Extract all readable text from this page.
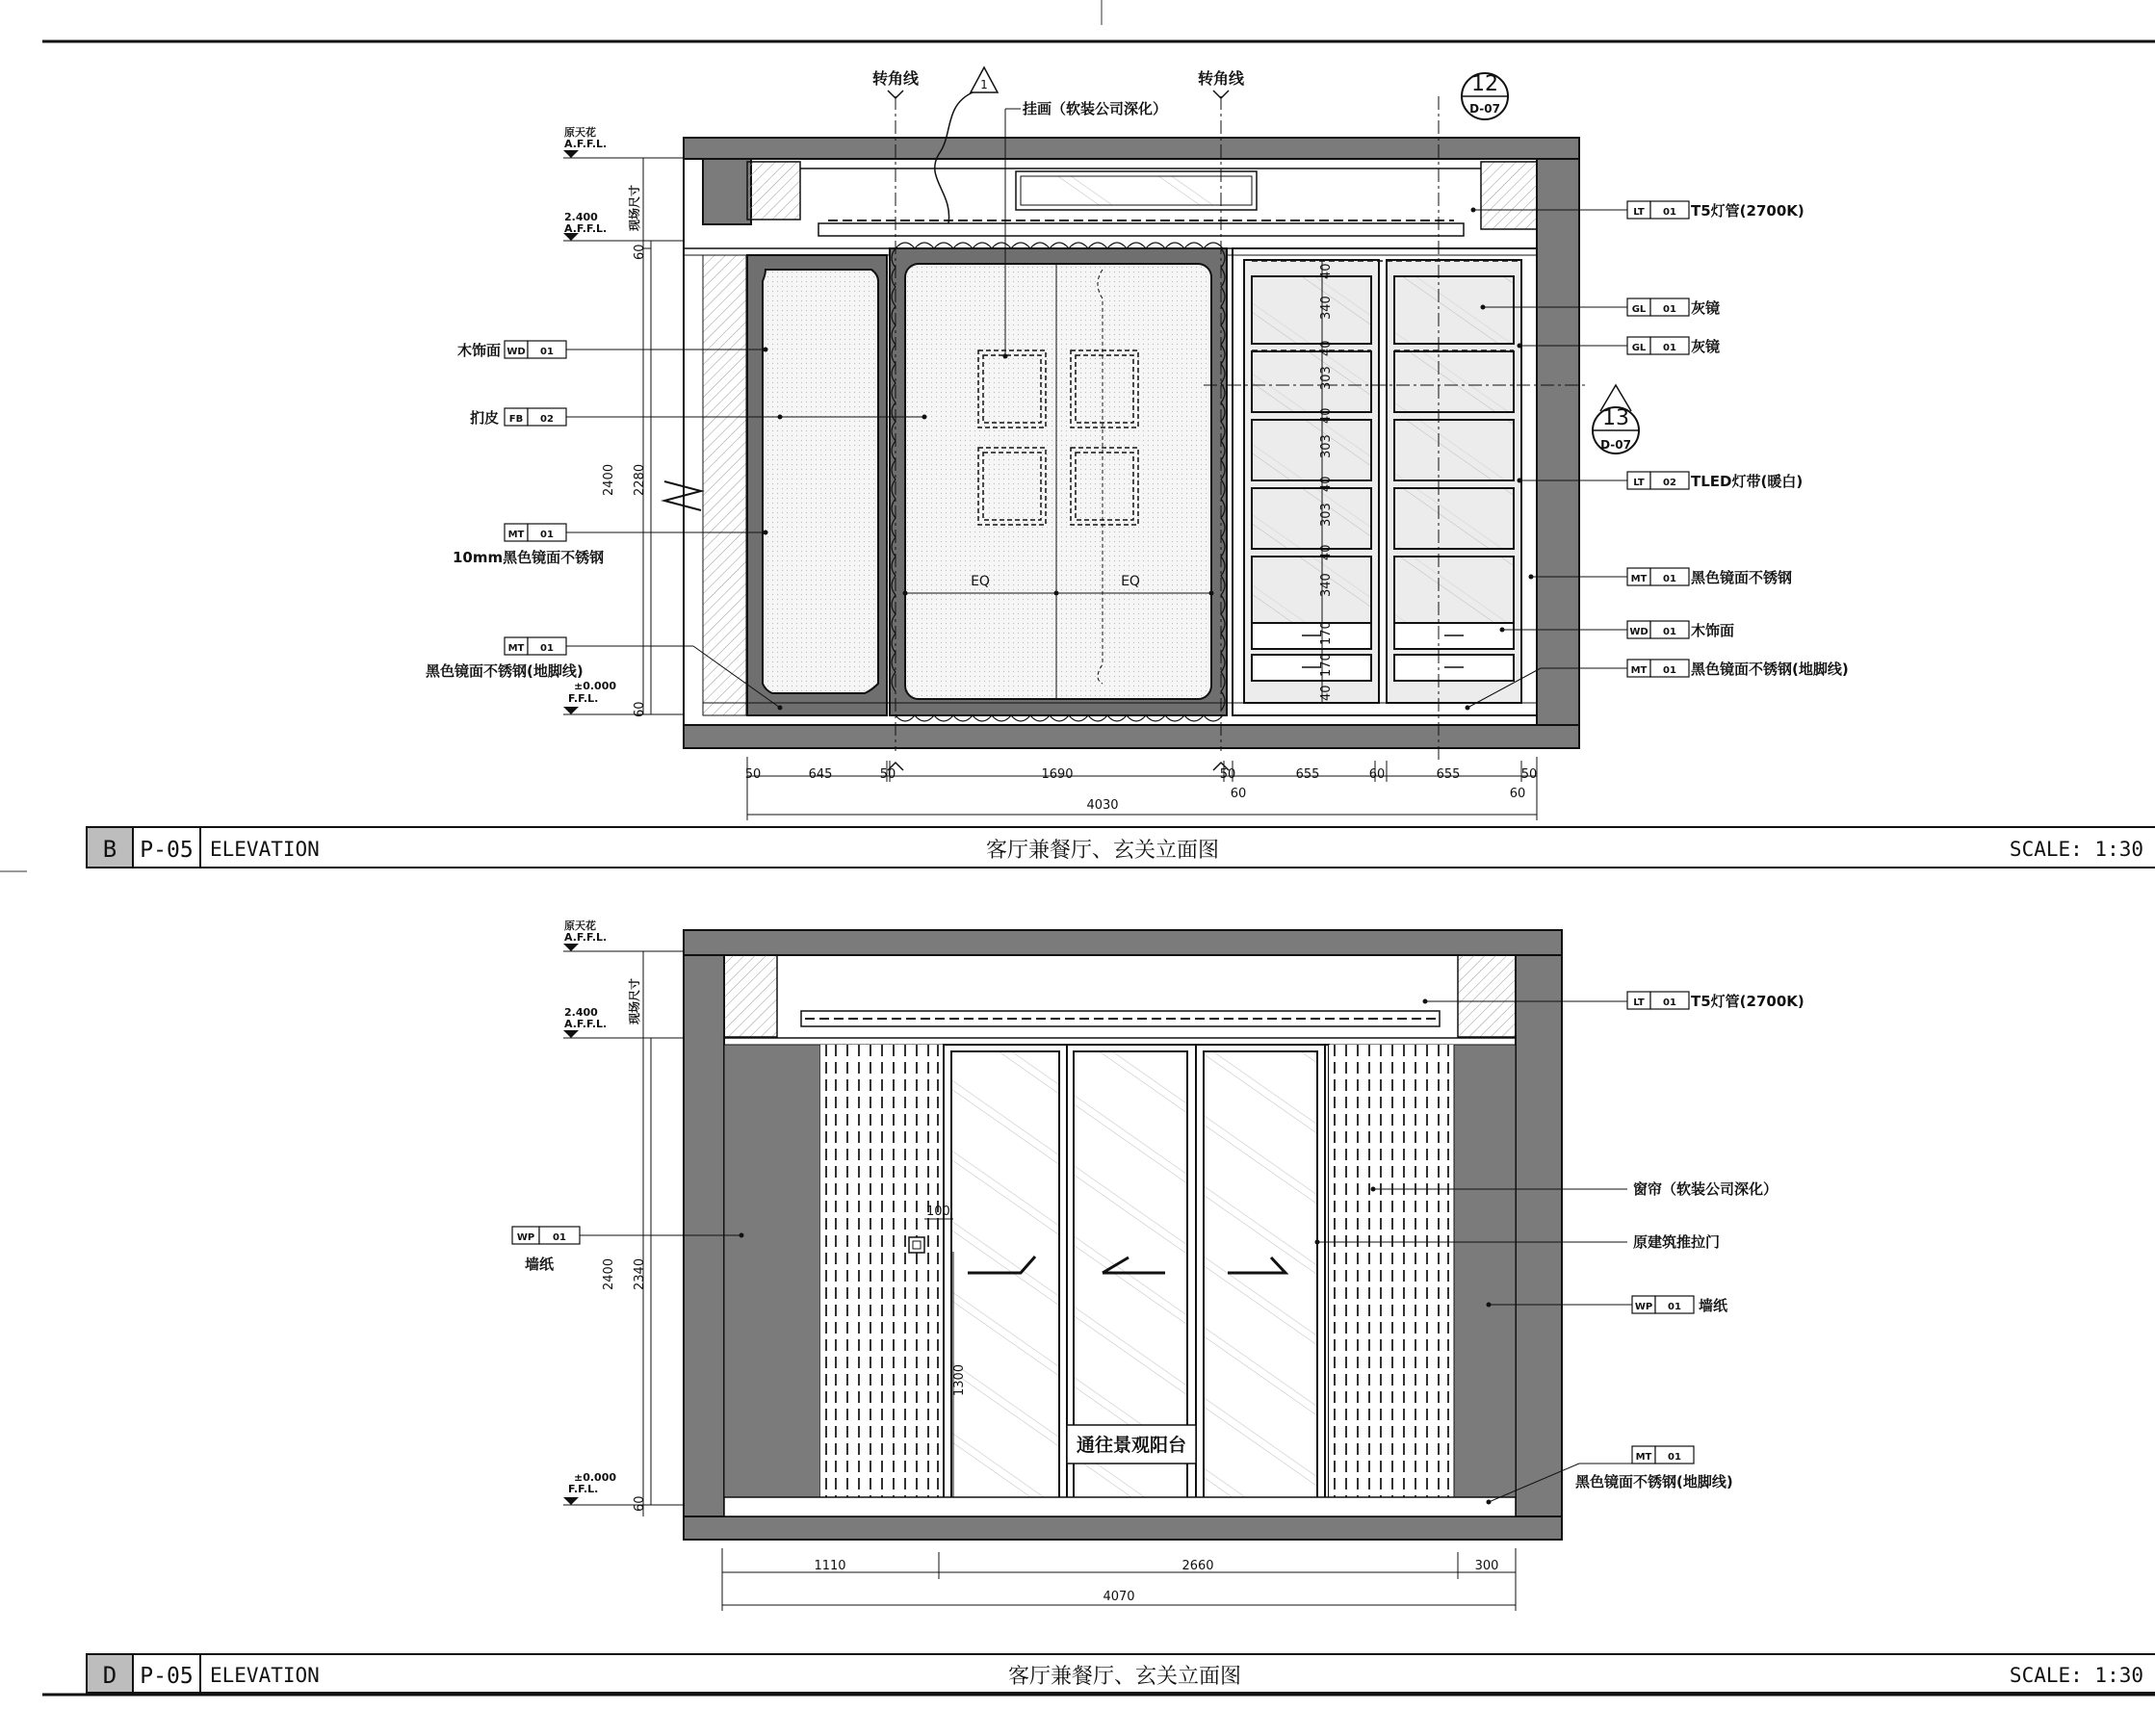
转角线	转角线
1
挂画（软装公司深化）
12
D-07
13
D-07
EQ	EQ
原天花
A.F.F.L.
2.400
A.F.F.L.
±0.000
F.F.L.
现场尺寸
2400 2280
60
60
40
340
40
303
40
303
40
303
40
340
170
170
40
50	645	50	1690	50	655	60	655	50
60	60
4030
WD 01
木饰面
FB 02
扪皮
MT 01
10mm黑色镜面不锈钢
MT 01
黑色镜面不锈钢(地脚线)
LT 01 T5灯管(2700K)
GL 01 灰镜
GL 01 灰镜
LT 02 TLED灯带(暖白)
MT 01 黑色镜面不锈钢
WD 01 木饰面
MT 01 黑色镜面不锈钢(地脚线)
B P-05 ELEVATION	客厅兼餐厅、玄关立面图	SCALE: 1:30
通往景观阳台
100
1300
原天花
A.F.F.L.
2.400
A.F.F.L.
±0.000
F.F.L.
现场尺寸
2400 2340
60
WP 01
墙纸
LT 01 T5灯管(2700K)
窗帘（软装公司深化）
原建筑推拉门
WP 01 墙纸
MT 01
黑色镜面不锈钢(地脚线)
1110	2660	300
4070
D P-05 ELEVATION	客厅兼餐厅、玄关立面图	SCALE: 1:30
